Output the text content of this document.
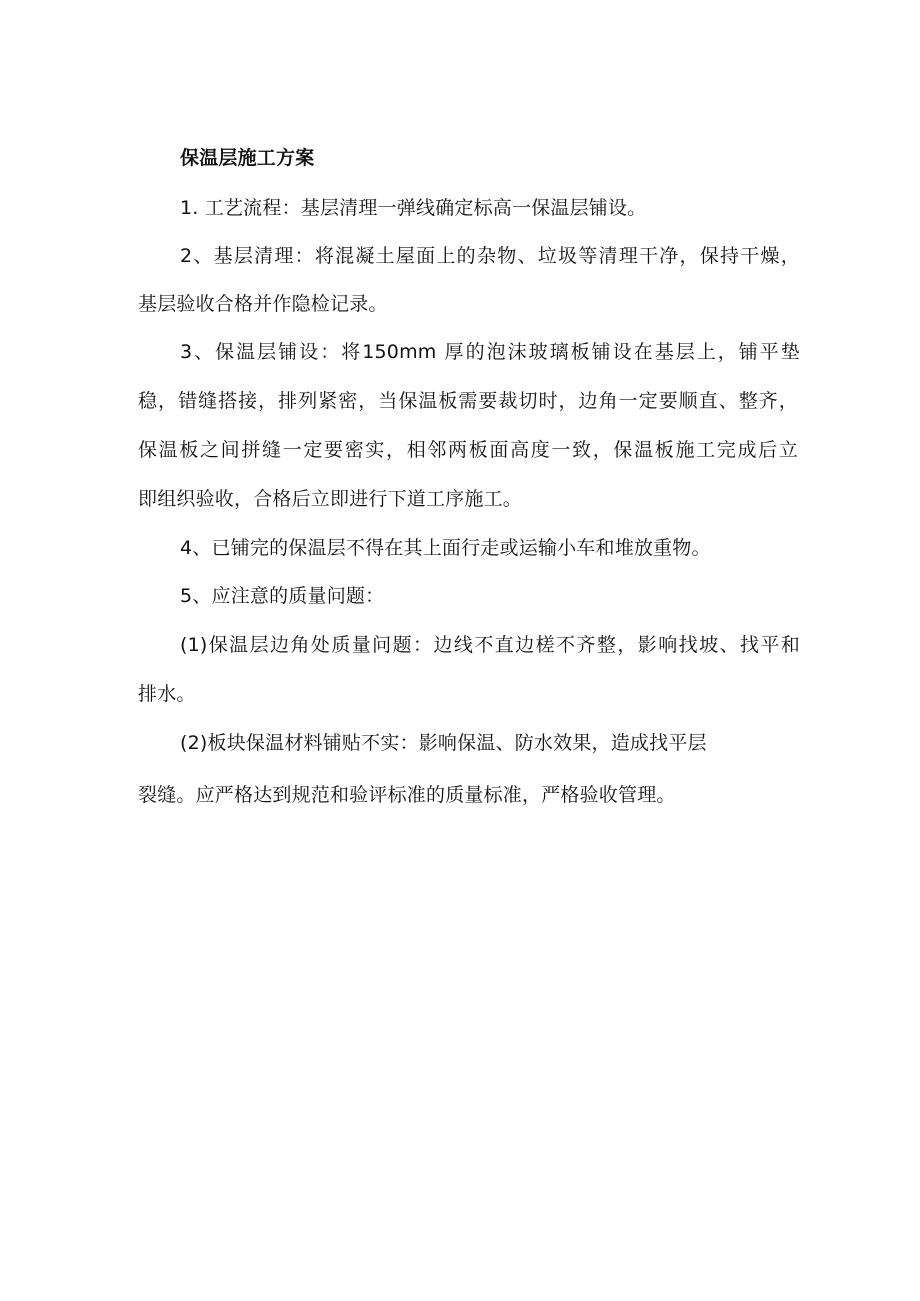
保温层施工方案
1. 工艺流程：基层清理一弹线确定标高一保温层铺设。
2、基层清理：将混凝土屋面上的杂物、垃圾等清理干净，保持干燥，
基层验收合格并作隐检记录。
3、保温层铺设：将150mm 厚的泡沫玻璃板铺设在基层上，铺平垫
稳，错缝搭接，排列紧密，当保温板需要裁切时，边角一定要顺直、整齐，
保温板之间拼缝一定要密实，相邻两板面高度一致，保温板施工完成后立
即组织验收，合格后立即进行下道工序施工。
4、已铺完的保温层不得在其上面行走或运输小车和堆放重物。
5、应注意的质量问题：
(1)保温层边角处质量问题：边线不直边槎不齐整，影响找坡、找平和
排水。
(2)板块保温材料铺贴不实：影响保温、防水效果，造成找平层
裂缝。应严格达到规范和验评标准的质量标准，严格验收管理。
